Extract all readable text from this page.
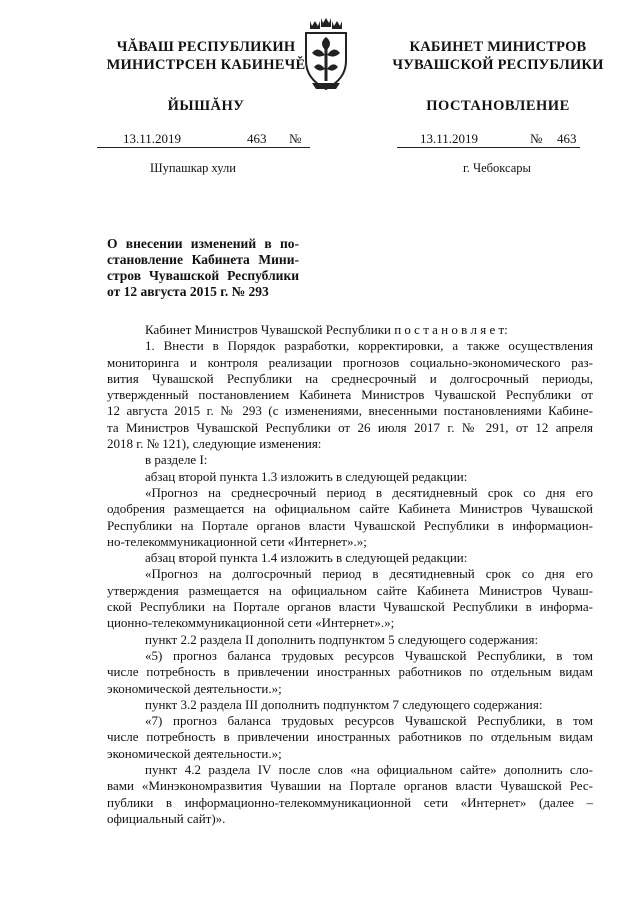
ЧĂВАШ РЕСПУБЛИКИН
МИНИСТРСЕН КАБИНЕЧĚ
ЙЫШĂНУ
КАБИНЕТ МИНИСТРОВ
ЧУВАШСКОЙ РЕСПУБЛИКИ
ПОСТАНОВЛЕНИЕ
13.11.2019	463 №	13.11.2019	№ 463
Шупашкар хули	г. Чебоксары
О внесении изменений в по-
становление Кабинета Мини-
стров Чувашской Республики
от 12 августа 2015 г. № 293
Кабинет Министров Чувашской Республики п о с т а н о в л я е т:
1. Внести в Порядок разработки, корректировки, а также осуществления
мониторинга и контроля реализации прогнозов социально-экономического раз-
вития Чувашской Республики на среднесрочный и долгосрочный периоды,
утвержденный постановлением Кабинета Министров Чувашской Республики от
12 августа 2015 г. № 293 (с изменениями, внесенными постановлениями Кабине-
та Министров Чувашской Республики от 26 июля 2017 г. № 291, от 12 апреля
2018 г. № 121), следующие изменения:
в разделе I:
абзац второй пункта 1.3 изложить в следующей редакции:
«Прогноз на среднесрочный период в десятидневный срок со дня его
одобрения размещается на официальном сайте Кабинета Министров Чувашской
Республики на Портале органов власти Чувашской Республики в информацион-
но-телекоммуникационной сети «Интернет».»;
абзац второй пункта 1.4 изложить в следующей редакции:
«Прогноз на долгосрочный период в десятидневный срок со дня его
утверждения размещается на официальном сайте Кабинета Министров Чуваш-
ской Республики на Портале органов власти Чувашской Республики в информа-
ционно-телекоммуникационной сети «Интернет».»;
пункт 2.2 раздела II дополнить подпунктом 5 следующего содержания:
«5) прогноз баланса трудовых ресурсов Чувашской Республики, в том
числе потребность в привлечении иностранных работников по отдельным видам
экономической деятельности.»;
пункт 3.2 раздела III дополнить подпунктом 7 следующего содержания:
«7) прогноз баланса трудовых ресурсов Чувашской Республики, в том
числе потребность в привлечении иностранных работников по отдельным видам
экономической деятельности.»;
пункт 4.2 раздела IV после слов «на официальном сайте» дополнить сло-
вами «Минэкономразвития Чувашии на Портале органов власти Чувашской Рес-
публики в информационно-телекоммуникационной сети «Интернет» (далее –
официальный сайт)».
